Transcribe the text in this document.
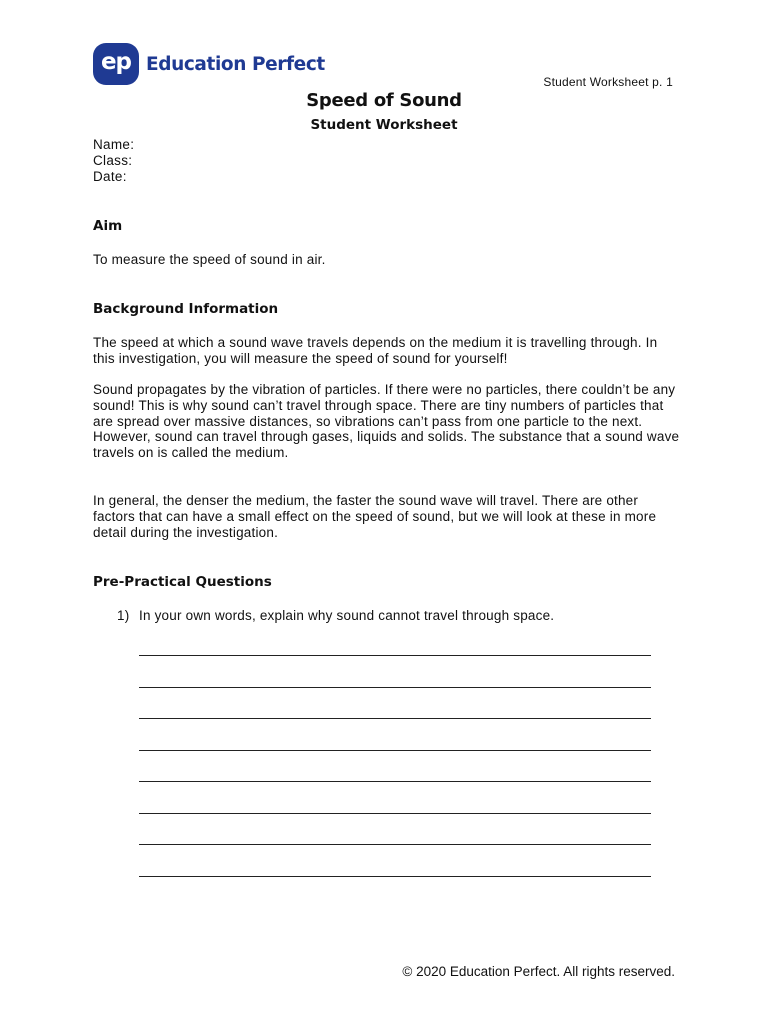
ep Education Perfect
Student Worksheet p. 1
Speed of Sound
Student Worksheet
Name:
Class:
Date:
Aim

To measure the speed of sound in air.

Background Information

The speed at which a sound wave travels depends on the medium it is travelling through. In this investigation, you will measure the speed of sound for yourself!

Sound propagates by the vibration of particles. If there were no particles, there couldn’t be any sound! This is why sound can’t travel through space. There are tiny numbers of particles that are spread over massive distances, so vibrations can’t pass from one particle to the next. However, sound can travel through gases, liquids and solids. The substance that a sound wave travels on is called the medium.

In general, the denser the medium, the faster the sound wave will travel. There are other factors that can have a small effect on the speed of sound, but we will look at these in more detail during the investigation.

Pre-Practical Questions
1) In your own words, explain why sound cannot travel through space.
© 2020 Education Perfect. All rights reserved.
